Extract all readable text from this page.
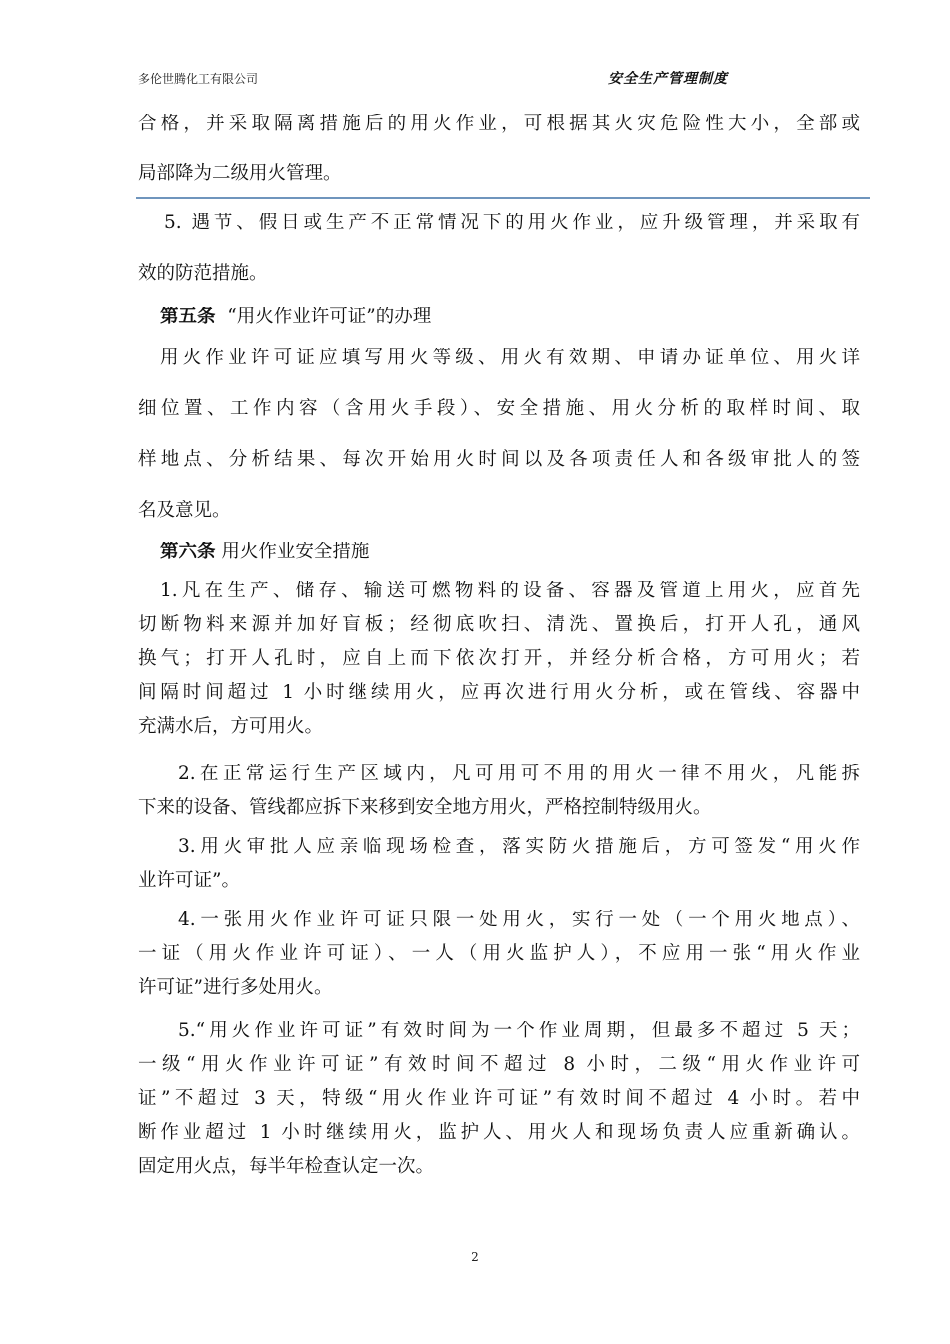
多伦世腾化工有限公司	安全生产管理制度
合格，并采取隔离措施后的用火作业，可根据其火灾危险性大小，全部或
局部降为二级用火管理。
5. 遇节、假日或生产不正常情况下的用火作业，应升级管理，并采取有
效的防范措施。
第五条 “用火作业许可证”的办理
用火作业许可证应填写用火等级、用火有效期、申请办证单位、用火详
细位置、工作内容（含用火手段）、安全措施、用火分析的取样时间、取
样地点、分析结果、每次开始用火时间以及各项责任人和各级审批人的签
名及意见。
第六条 用火作业安全措施
1.凡在生产、储存、输送可燃物料的设备、容器及管道上用火，应首先
切断物料来源并加好盲板；经彻底吹扫、清洗、置换后，打开人孔，通风
换气；打开人孔时，应自上而下依次打开，并经分析合格，方可用火；若
间隔时间超过 1 小时继续用火，应再次进行用火分析，或在管线、容器中
充满水后，方可用火。
2.在正常运行生产区域内，凡可用可不用的用火一律不用火，凡能拆
下来的设备、管线都应拆下来移到安全地方用火，严格控制特级用火。
3.用火审批人应亲临现场检查，落实防火措施后，方可签发“用火作
业许可证”。
4.一张用火作业许可证只限一处用火，实行一处（一个用火地点）、
一证（用火作业许可证）、一人（用火监护人），不应用一张“用火作业
许可证”进行多处用火。
5.“用火作业许可证”有效时间为一个作业周期，但最多不超过 5 天；
一级“用火作业许可证”有效时间不超过 8 小时，二级“用火作业许可
证”不超过 3 天，特级“用火作业许可证”有效时间不超过 4 小时。若中
断作业超过 1 小时继续用火，监护人、用火人和现场负责人应重新确认。
固定用火点，每半年检查认定一次。
2
